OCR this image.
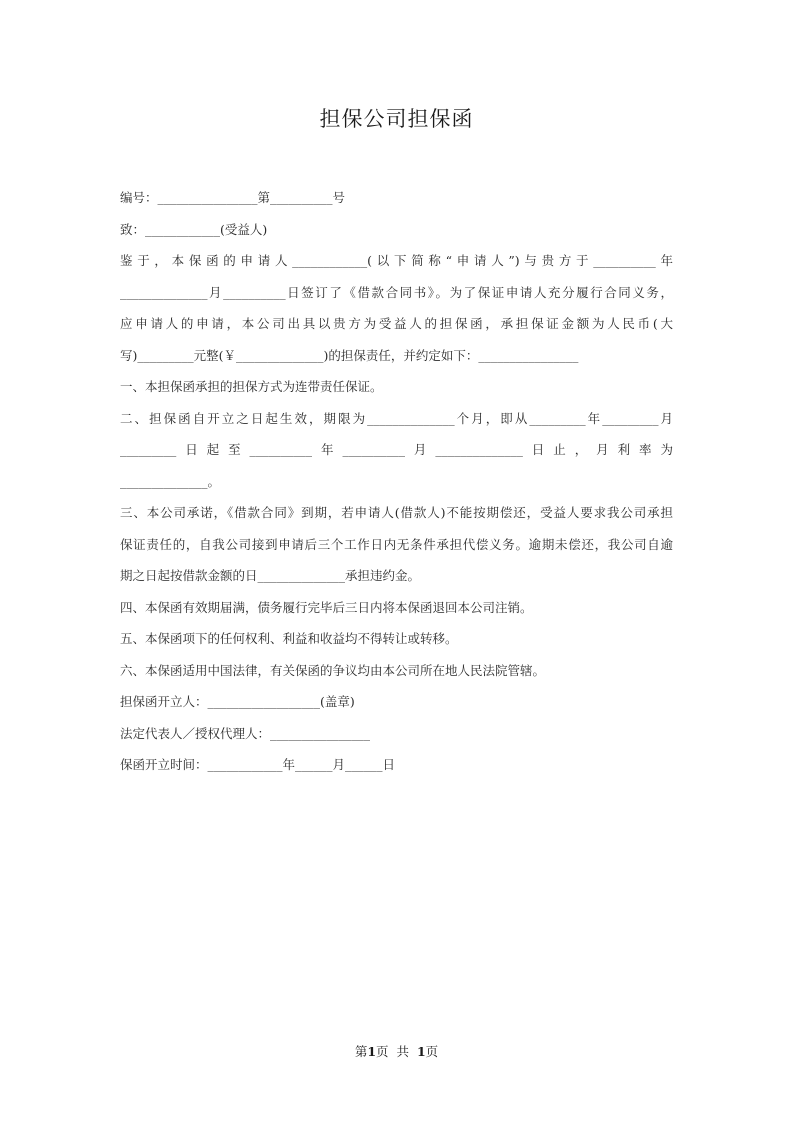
担保公司担保函
编号：________________第__________号
致：____________(受益人)
鉴于，本保函的申请人____________(以下简称“申请人”)与贵方于__________年
______________月__________日签订了《借款合同书》。为了保证申请人充分履行合同义务，
应申请人的申请，本公司出具以贵方为受益人的担保函，承担保证金额为人民币(大
写)_________元整(￥______________)的担保责任，并约定如下：________________
一、本担保函承担的担保方式为连带责任保证。
二、担保函自开立之日起生效，期限为______________个月，即从_________年_________月
_________日起至__________年__________月______________日止，月利率为
______________。
三、本公司承诺，《借款合同》到期，若申请人(借款人)不能按期偿还，受益人要求我公司承担
保证责任的，自我公司接到申请后三个工作日内无条件承担代偿义务。逾期未偿还，我公司自逾
期之日起按借款金额的日______________承担违约金。
四、本保函有效期届满，债务履行完毕后三日内将本保函退回本公司注销。
五、本保函项下的任何权利、利益和收益均不得转让或转移。
六、本保函适用中国法律，有关保函的争议均由本公司所在地人民法院管辖。
担保函开立人：__________________(盖章)
法定代表人／授权代理人：________________
保函开立时间：____________年______月______日
第1页  共  1页
